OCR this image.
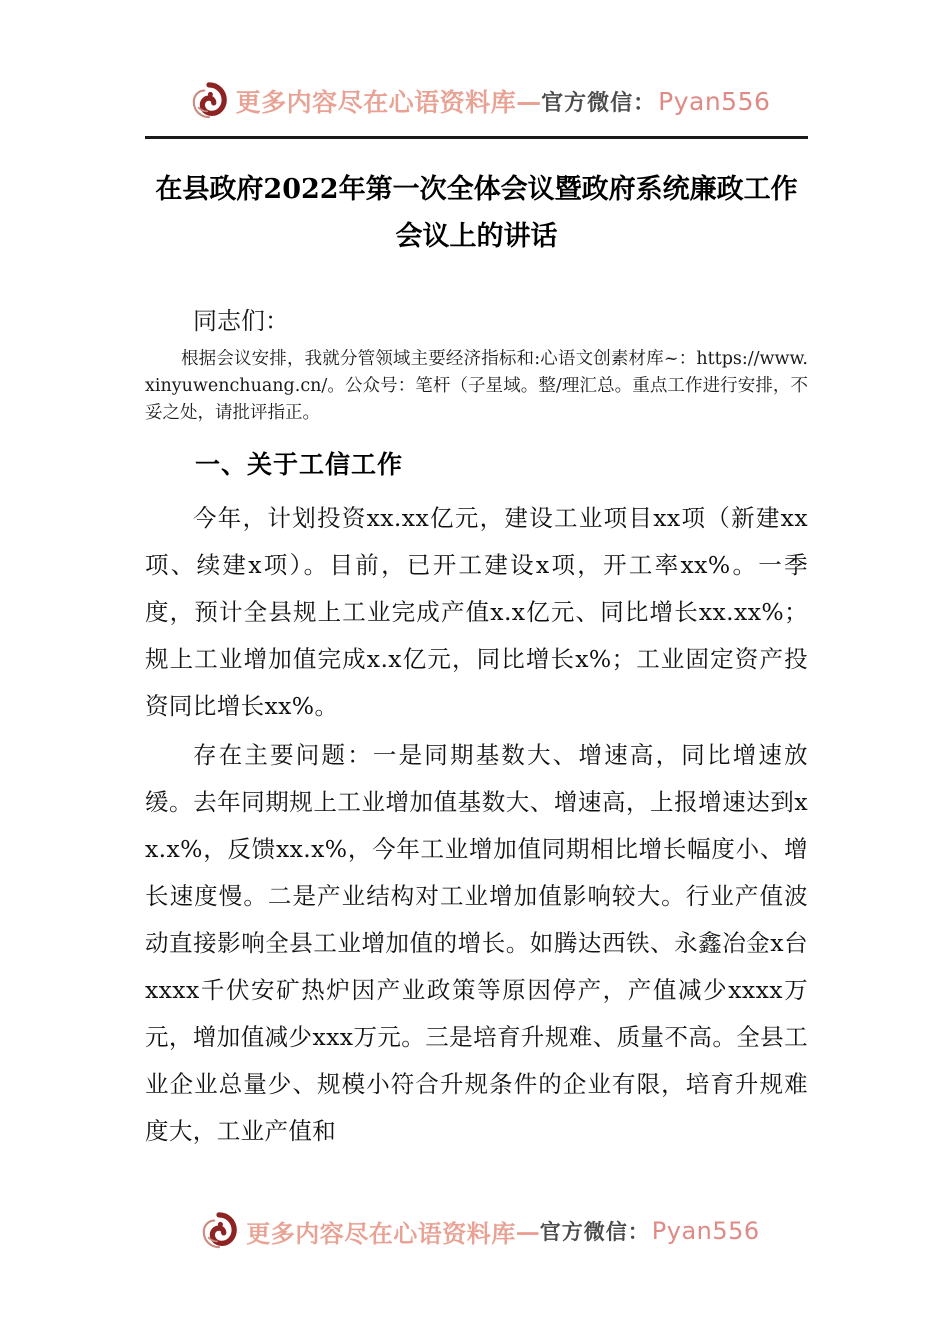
更多内容尽在心语资料库 — 官方微信： Pyan556
在县政府2022年第一次全体会议暨政府系统廉政工作会议上的讲话

同志们：

根据会议安排，我就分管领域主要经济指标和:心语文创素材库~：https://www.xinyuwenchuang.cn/。公众号：笔杆（子星域。整/理汇总。重点工作进行安排，不妥之处，请批评指正。

一、关于工信工作

今年，计划投资xx.xx亿元，建设工业项目xx项（新建xx项、续建x项）。目前，已开工建设x项，开工率xx%。一季度，预计全县规上工业完成产值x.x亿元、同比增长xx.xx%；规上工业增加值完成x.x亿元，同比增长x%；工业固定资产投资同比增长xx%。

存在主要问题：一是同期基数大、增速高，同比增速放缓。去年同期规上工业增加值基数大、增速高，上报增速达到xx.x%，反馈xx.x%，今年工业增加值同期相比增长幅度小、增长速度慢。二是产业结构对工业增加值影响较大。行业产值波动直接影响全县工业增加值的增长。如腾达西铁、永鑫冶金x台xxxx千伏安矿热炉因产业政策等原因停产，产值减少xxxx万元，增加值减少xxx万元。三是培育升规难、质量不高。全县工业企业总量少、规模小符合升规条件的企业有限，培育升规难度大，工业产值和

更多内容尽在心语资料库 — 官方微信： Pyan556
